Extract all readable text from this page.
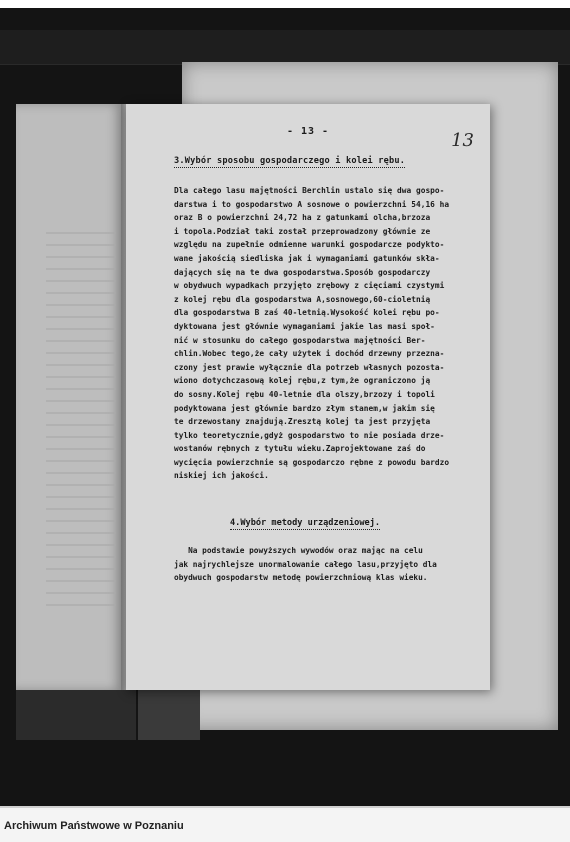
- 13 -	13
3.Wybór sposobu gospodarczego i kolei rębu.
Dla całego lasu majętności Berchlin ustalo się dwa gospo-
darstwa i to gospodarstwo A sosnowe o powierzchni 54,16 ha
oraz B o powierzchni 24,72 ha z gatunkami olcha,brzoza
i topola.Podział taki został przeprowadzony głównie ze
względu na zupełnie odmienne warunki gospodarcze podykto-
wane jakością siedliska jak i wymaganiami gatunków skła-
dających się na te dwa gospodarstwa.Sposób gospodarczy
w obydwuch wypadkach przyjęto zrębowy z cięciami czystymi
z kolej rębu dla gospodarstwa A,sosnowego,60-cioletnią
dla gospodarstwa B zaś 40-letnią.Wysokość kolei rębu po-
dyktowana jest głównie wymaganiami jakie las masi społ-
nić w stosunku do całego gospodarstwa majętności Ber-
chlin.Wobec tego,że cały użytek i dochód drzewny przezna-
czony jest prawie wyłącznie dla potrzeb własnych pozosta-
wiono dotychczasową kolej rębu,z tym,że ograniczono ją
do sosny.Kolej rębu 40-letnie dla olszy,brzozy i topoli
podyktowana jest głównie bardzo złym stanem,w jakim się
te drzewostany znajdują.Zresztą kolej ta jest przyjęta
tylko teoretycznie,gdyż gospodarstwo to nie posiada drze-
wostanów rębnych z tytułu wieku.Zaprojektowane zaś do
wycięcia powierzchnie są gospodarczo rębne z powodu bardzo
niskiej ich jakości.
4.Wybór metody urządzeniowej.
Na podstawie powyższych wywodów oraz mając na celu
jak najrychlejsze unormalowanie całego lasu,przyjęto dla
obydwuch gospodarstw metodę powierzchniową klas wieku.
Archiwum Państwowe w Poznaniu
